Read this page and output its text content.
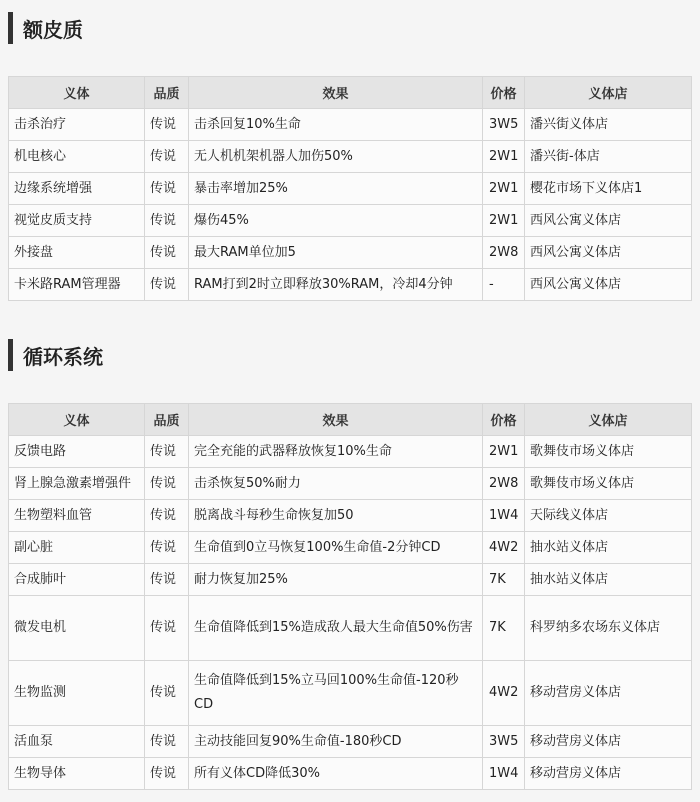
额皮质
义体	品质	效果	价格	义体店
击杀治疗	传说	击杀回复10%生命	3W5	潘兴街义体店
机电核心	传说	无人机机架机器人加伤50%	2W1	潘兴街-体店
边缘系统增强	传说	暴击率增加25%	2W1	樱花市场下义体店1
视觉皮质支持	传说	爆伤45%	2W1	西风公寓义体店
外接盘	传说	最大RAM单位加5	2W8	西风公寓义体店
卡米路RAM管理器	传说	RAM打到2时立即释放30%RAM，冷却4分钟	-	西风公寓义体店
循环系统
义体	品质	效果	价格	义体店
反馈电路	传说	完全充能的武器释放恢复10%生命	2W1	歌舞伎市场义体店
肾上腺急激素增强件	传说	击杀恢复50%耐力	2W8	歌舞伎市场义体店
生物塑料血管	传说	脱离战斗每秒生命恢复加50	1W4	天际线义体店
副心脏	传说	生命值到0立马恢复100%生命值-2分钟CD	4W2	抽水站义体店
合成肺叶	传说	耐力恢复加25%	7K	抽水站义体店
微发电机	传说	生命值降低到15%造成敌人最大生命值50%伤害	7K	科罗纳多农场东义体店
生物监测	传说	生命值降低到15%立马回100%生命值-120秒CD	4W2	移动营房义体店
活血泵	传说	主动技能回复90%生命值-180秒CD	3W5	移动营房义体店
生物导体	传说	所有义体CD降低30%	1W4	移动营房义体店
